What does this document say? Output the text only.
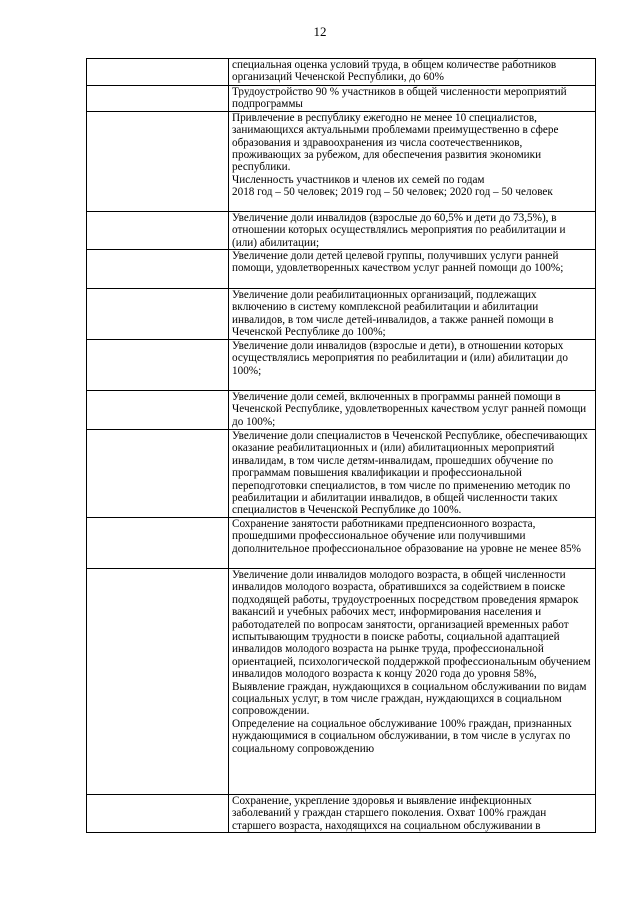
12

	специальная оценка условий труда, в общем количестве работников организаций Чеченской Республики, до 60%

	Трудоустройство 90 % участников в общей численности мероприятий подпрограммы

	Привлечение в республику ежегодно не менее 10 специалистов, занимающихся актуальными проблемами преимущественно в сфере образования и здравоохранения из числа соотечественников, проживающих за рубежом, для обеспечения развития экономики республики.
Численность участников и членов их семей по годам
2018 год – 50 человек; 2019 год – 50 человек; 2020 год – 50 человек

	Увеличение доли инвалидов (взрослые до 60,5% и дети до 73,5%), в отношении которых осуществлялись мероприятия по реабилитации и (или) абилитации;

	Увеличение доли детей целевой группы, получивших услуги ранней помощи, удовлетворенных качеством услуг ранней помощи до 100%;

	Увеличение доли реабилитационных организаций, подлежащих включению в систему комплексной реабилитации и абилитации инвалидов, в том числе детей-инвалидов, а также ранней помощи в Чеченской Республике до 100%;

	Увеличение доли инвалидов (взрослые и дети), в отношении которых осуществлялись мероприятия по реабилитации и (или) абилитации до 100%;

	Увеличение доли семей, включенных в программы ранней помощи в Чеченской Республике, удовлетворенных качеством услуг ранней помощи до 100%;

	Увеличение доли специалистов в Чеченской Республике, обеспечивающих оказание реабилитационных и (или) абилитационных мероприятий инвалидам, в том числе детям-инвалидам, прошедших обучение по программам повышения квалификации и профессиональной переподготовки специалистов, в том числе по применению методик по реабилитации и абилитации инвалидов, в общей численности таких специалистов в Чеченской Республике до 100%.

	Сохранение занятости работниками предпенсионного возраста, прошедшими профессиональное обучение или получившими дополнительное профессиональное образование на уровне не менее 85%

	Увеличение доли инвалидов молодого возраста, в общей численности инвалидов молодого возраста, обратившихся за содействием в поиске подходящей работы, трудоустроенных посредством проведения ярмарок вакансий и учебных рабочих мест, информирования населения и работодателей по вопросам занятости, организацией временных работ испытывающим трудности в поиске работы, социальной адаптацией инвалидов молодого возраста на рынке труда, профессиональной ориентацией, психологической поддержкой профессиональным обучением инвалидов молодого возраста к концу 2020 года до уровня 58%,
Выявление граждан, нуждающихся в социальном обслуживании по видам социальных услуг, в том числе граждан, нуждающихся в социальном сопровождении.
Определение на социальное обслуживание 100% граждан, признанных нуждающимися в социальном обслуживании, в том числе в услугах по социальному сопровождению

	Сохранение, укрепление здоровья и выявление инфекционных заболеваний у граждан старшего поколения. Охват 100% граждан старшего возраста, находящихся на социальном обслуживании в
